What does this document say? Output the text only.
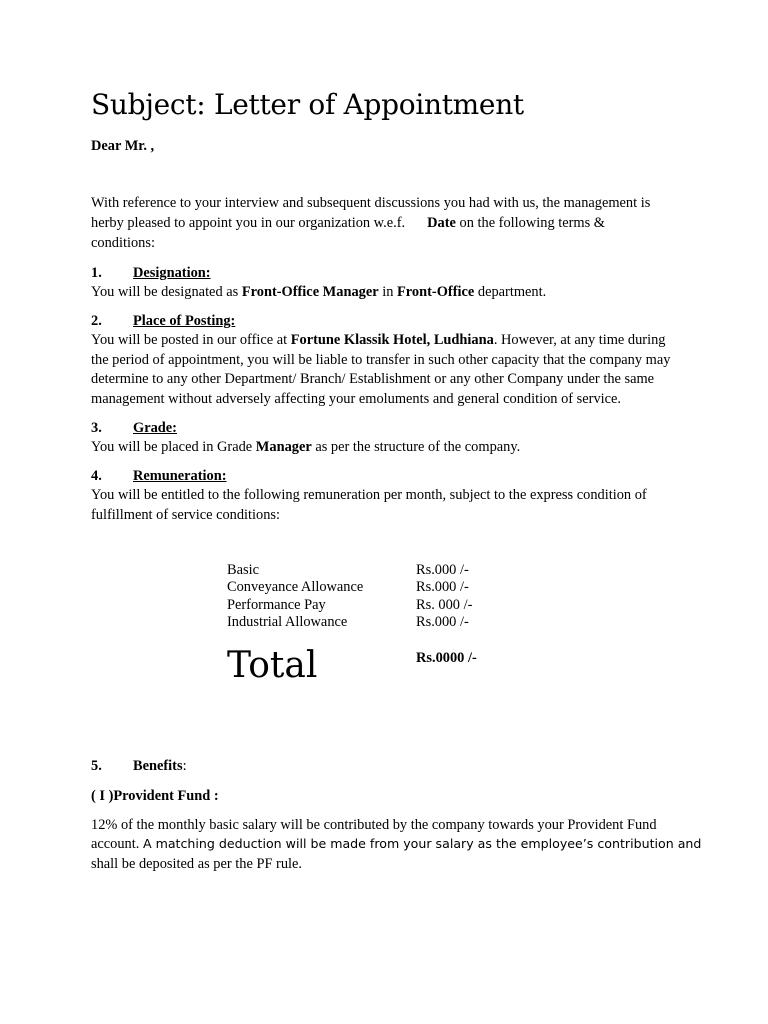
Subject: Letter of Appointment
Dear Mr. ,
With reference to your interview and subsequent discussions you had with us, the management is
herby pleased to appoint you in our organization w.e.f. Date on the following terms &
conditions:
1. Designation:
You will be designated as Front-Office Manager in Front-Office department.
2. Place of Posting:
You will be posted in our office at Fortune Klassik Hotel, Ludhiana. However, at any time during
the period of appointment, you will be liable to transfer in such other capacity that the company may
determine to any other Department/ Branch/ Establishment or any other Company under the same
management without adversely affecting your emoluments and general condition of service.
3. Grade:
You will be placed in Grade Manager as per the structure of the company.
4. Remuneration:
You will be entitled to the following remuneration per month, subject to the express condition of
fulfillment of service conditions:
Basic	Rs.000 /-
Conveyance Allowance	Rs.000 /-
Performance Pay	Rs. 000 /-
Industrial Allowance	Rs.000 /-
Total	Rs.0000 /-
5. Benefits:
( I )Provident Fund :
12% of the monthly basic salary will be contributed by the company towards your Provident Fund
account. A matching deduction will be made from your salary as the employee’s contribution and
shall be deposited as per the PF rule.
